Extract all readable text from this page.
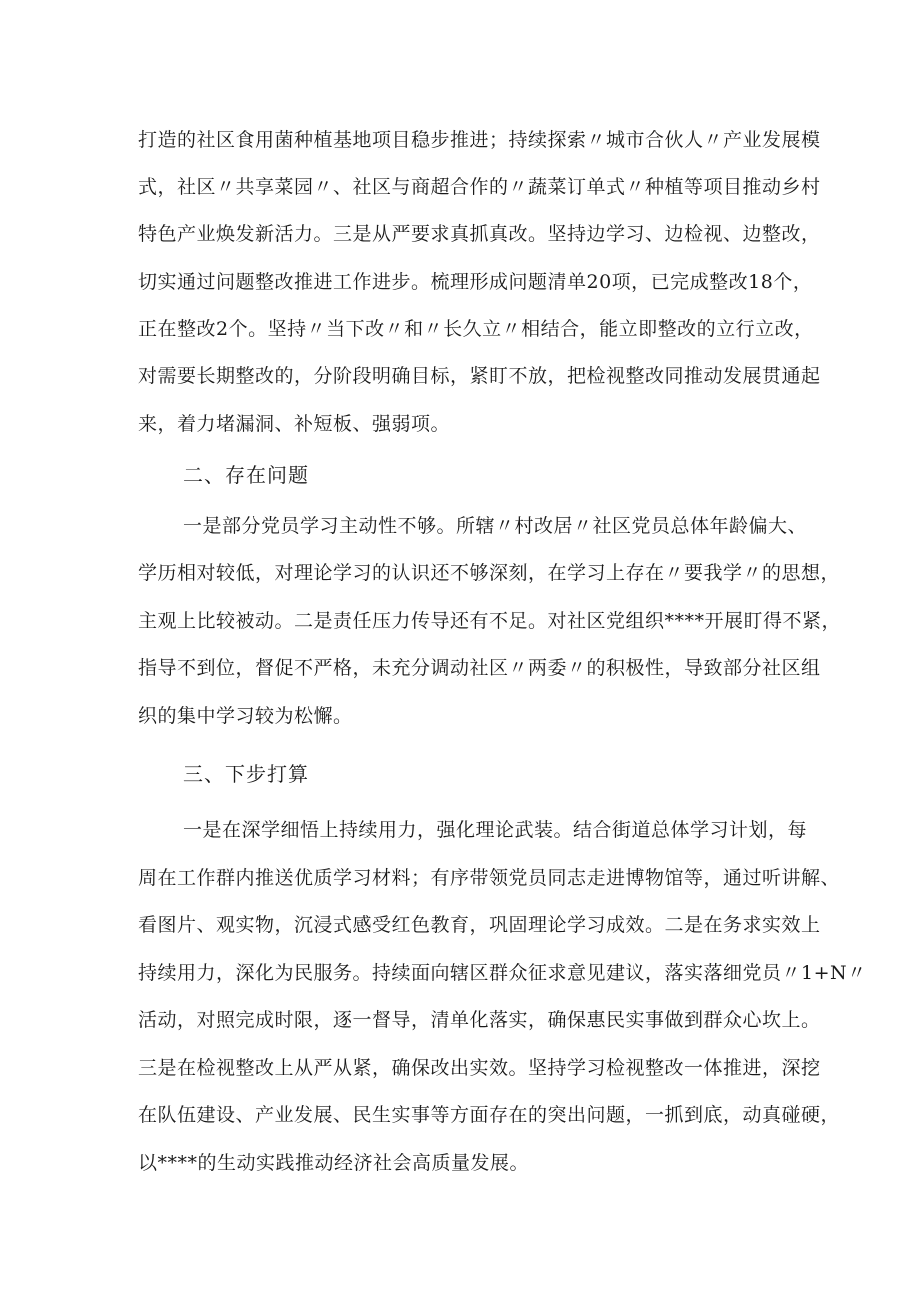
打造的社区食用菌种植基地项目稳步推进；持续探索〃城市合伙人〃产业发展模
式，社区〃共享菜园〃、社区与商超合作的〃蔬菜订单式〃种植等项目推动乡村
特色产业焕发新活力。三是从严要求真抓真改。坚持边学习、边检视、边整改，
切实通过问题整改推进工作进步。梳理形成问题清单20项，已完成整改18个，
正在整改2个。坚持〃当下改〃和〃长久立〃相结合，能立即整改的立行立改，
对需要长期整改的，分阶段明确目标，紧盯不放，把检视整改同推动发展贯通起
来，着力堵漏洞、补短板、强弱项。
二、存在问题
一是部分党员学习主动性不够。所辖〃村改居〃社区党员总体年龄偏大、
学历相对较低，对理论学习的认识还不够深刻，在学习上存在〃要我学〃的思想，
主观上比较被动。二是责任压力传导还有不足。对社区党组织****开展盯得不紧，
指导不到位，督促不严格，未充分调动社区〃两委〃的积极性，导致部分社区组
织的集中学习较为松懈。
三、下步打算
一是在深学细悟上持续用力，强化理论武装。结合街道总体学习计划，每
周在工作群内推送优质学习材料；有序带领党员同志走进博物馆等，通过听讲解、
看图片、观实物，沉浸式感受红色教育，巩固理论学习成效。二是在务求实效上
持续用力，深化为民服务。持续面向辖区群众征求意见建议，落实落细党员〃1+N〃
活动，对照完成时限，逐一督导，清单化落实，确保惠民实事做到群众心坎上。
三是在检视整改上从严从紧，确保改出实效。坚持学习检视整改一体推进，深挖
在队伍建设、产业发展、民生实事等方面存在的突出问题，一抓到底，动真碰硬，
以****的生动实践推动经济社会高质量发展。
